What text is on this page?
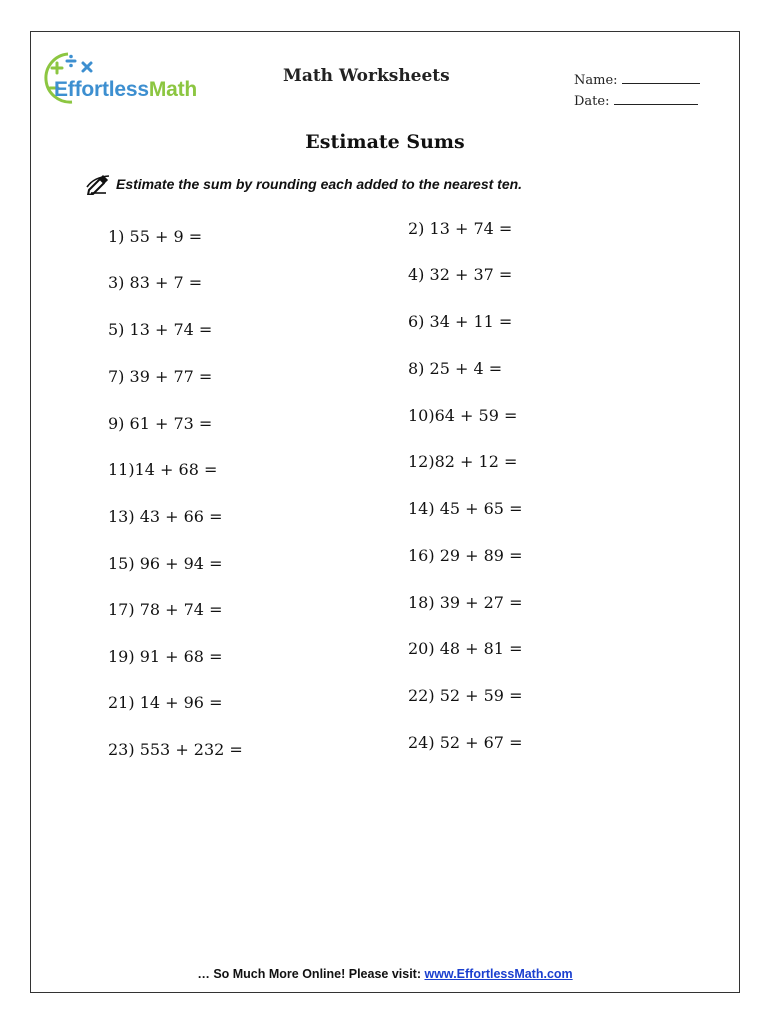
EffortlessMath
Math Worksheets	Name:
Date:
Estimate Sums
Estimate the sum by rounding each added to the nearest ten.
1) 55 + 9 =
3) 83 + 7 =
5) 13 + 74 =
7) 39 + 77 =
9) 61 + 73 =
11)14 + 68 =
13) 43 + 66 =
15) 96 + 94 =
17) 78 + 74 =
19) 91 + 68 =
21) 14 + 96 =
23) 553 + 232 =
2) 13 + 74 =
4) 32 + 37 =
6) 34 + 11 =
8) 25 + 4 =
10)64 + 59 =
12)82 + 12 =
14) 45 + 65 =
16) 29 + 89 =
18) 39 + 27 =
20) 48 + 81 =
22) 52 + 59 =
24) 52 + 67 =
… So Much More Online! Please visit: www.EffortlessMath.com
